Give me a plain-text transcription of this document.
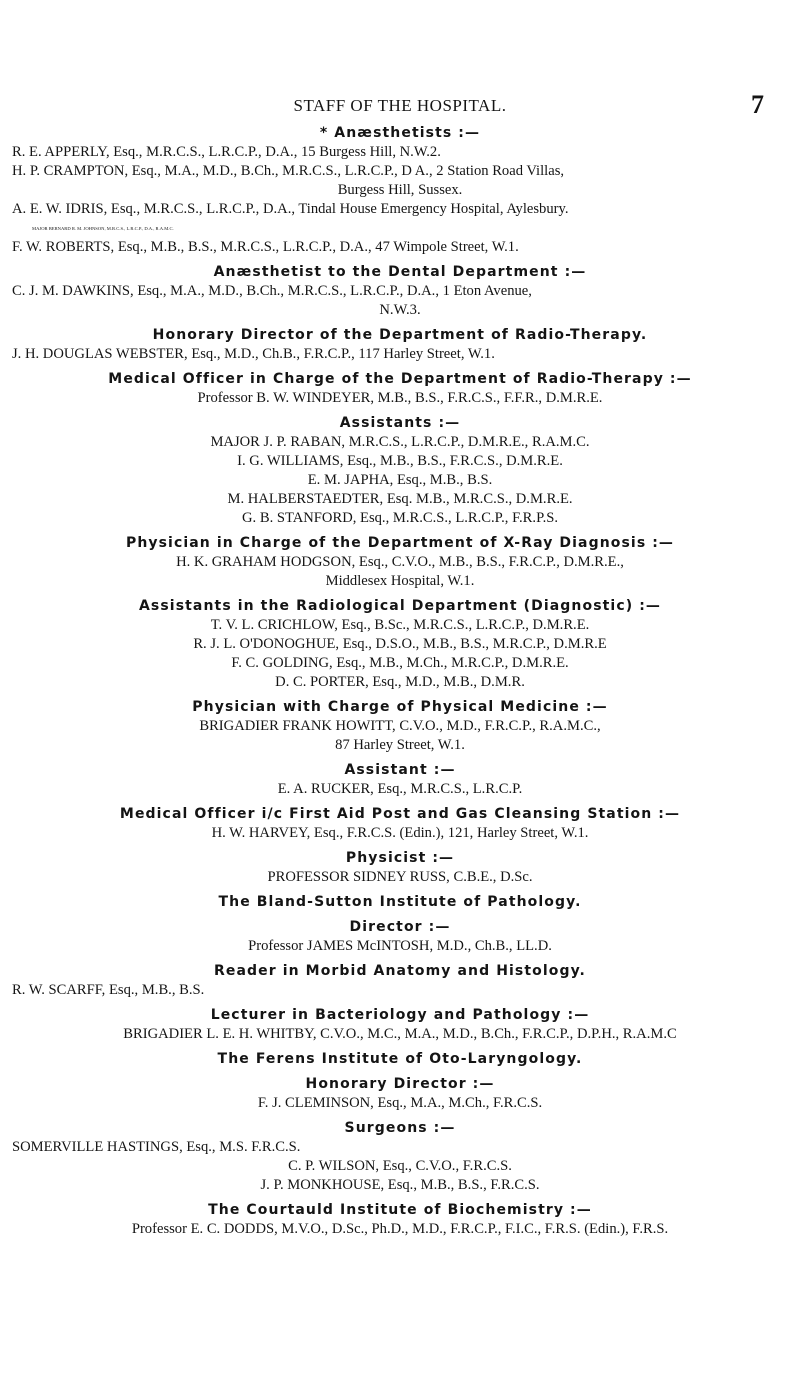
STAFF OF THE HOSPITAL.	7
* Anæsthetists :—
R. E. APPERLY, Esq., M.R.C.S., L.R.C.P., D.A., 15 Burgess Hill, N.W.2.
H. P. CRAMPTON, Esq., M.A., M.D., B.Ch., M.R.C.S., L.R.C.P., D A., 2 Station Road Villas,
Burgess Hill, Sussex.
A. E. W. IDRIS, Esq., M.R.C.S., L.R.C.P., D.A., Tindal House Emergency Hospital, Aylesbury.
MAJOR BERNARD R. M. JOHNSON, M.R.C.S., L.R.C.P., D.A., R.A.M.C.
F. W. ROBERTS, Esq., M.B., B.S., M.R.C.S., L.R.C.P., D.A., 47 Wimpole Street, W.1.
Anæsthetist to the Dental Department :—
C. J. M. DAWKINS, Esq., M.A., M.D., B.Ch., M.R.C.S., L.R.C.P., D.A., 1 Eton Avenue,
N.W.3.
Honorary Director of the Department of Radio-Therapy.
J. H. DOUGLAS WEBSTER, Esq., M.D., Ch.B., F.R.C.P., 117 Harley Street, W.1.
Medical Officer in Charge of the Department of Radio-Therapy :—
Professor B. W. WINDEYER, M.B., B.S., F.R.C.S., F.F.R., D.M.R.E.
Assistants :—
MAJOR J. P. RABAN, M.R.C.S., L.R.C.P., D.M.R.E., R.A.M.C.
I. G. WILLIAMS, Esq., M.B., B.S., F.R.C.S., D.M.R.E.
E. M. JAPHA, Esq., M.B., B.S.
M. HALBERSTAEDTER, Esq. M.B., M.R.C.S., D.M.R.E.
G. B. STANFORD, Esq., M.R.C.S., L.R.C.P., F.R.P.S.
Physician in Charge of the Department of X-Ray Diagnosis :—
H. K. GRAHAM HODGSON, Esq., C.V.O., M.B., B.S., F.R.C.P., D.M.R.E.,
Middlesex Hospital, W.1.
Assistants in the Radiological Department (Diagnostic) :—
T. V. L. CRICHLOW, Esq., B.Sc., M.R.C.S., L.R.C.P., D.M.R.E.
R. J. L. O'DONOGHUE, Esq., D.S.O., M.B., B.S., M.R.C.P., D.M.R.E
F. C. GOLDING, Esq., M.B., M.Ch., M.R.C.P., D.M.R.E.
D. C. PORTER, Esq., M.D., M.B., D.M.R.
Physician with Charge of Physical Medicine :—
BRIGADIER FRANK HOWITT, C.V.O., M.D., F.R.C.P., R.A.M.C.,
87 Harley Street, W.1.
Assistant :—
E. A. RUCKER, Esq., M.R.C.S., L.R.C.P.
Medical Officer i/c First Aid Post and Gas Cleansing Station :—
H. W. HARVEY, Esq., F.R.C.S. (Edin.), 121, Harley Street, W.1.
Physicist :—
PROFESSOR SIDNEY RUSS, C.B.E., D.Sc.
The Bland-Sutton Institute of Pathology.
Director :—
Professor JAMES McINTOSH, M.D., Ch.B., LL.D.
Reader in Morbid Anatomy and Histology.
R. W. SCARFF, Esq., M.B., B.S.
Lecturer in Bacteriology and Pathology :—
BRIGADIER L. E. H. WHITBY, C.V.O., M.C., M.A., M.D., B.Ch., F.R.C.P., D.P.H., R.A.M.C
The Ferens Institute of Oto-Laryngology.
Honorary Director :—
F. J. CLEMINSON, Esq., M.A., M.Ch., F.R.C.S.
Surgeons :—
SOMERVILLE HASTINGS, Esq., M.S. F.R.C.S.
C. P. WILSON, Esq., C.V.O., F.R.C.S.
J. P. MONKHOUSE, Esq., M.B., B.S., F.R.C.S.
The Courtauld Institute of Biochemistry :—
Professor E. C. DODDS, M.V.O., D.Sc., Ph.D., M.D., F.R.C.P., F.I.C., F.R.S. (Edin.), F.R.S.
